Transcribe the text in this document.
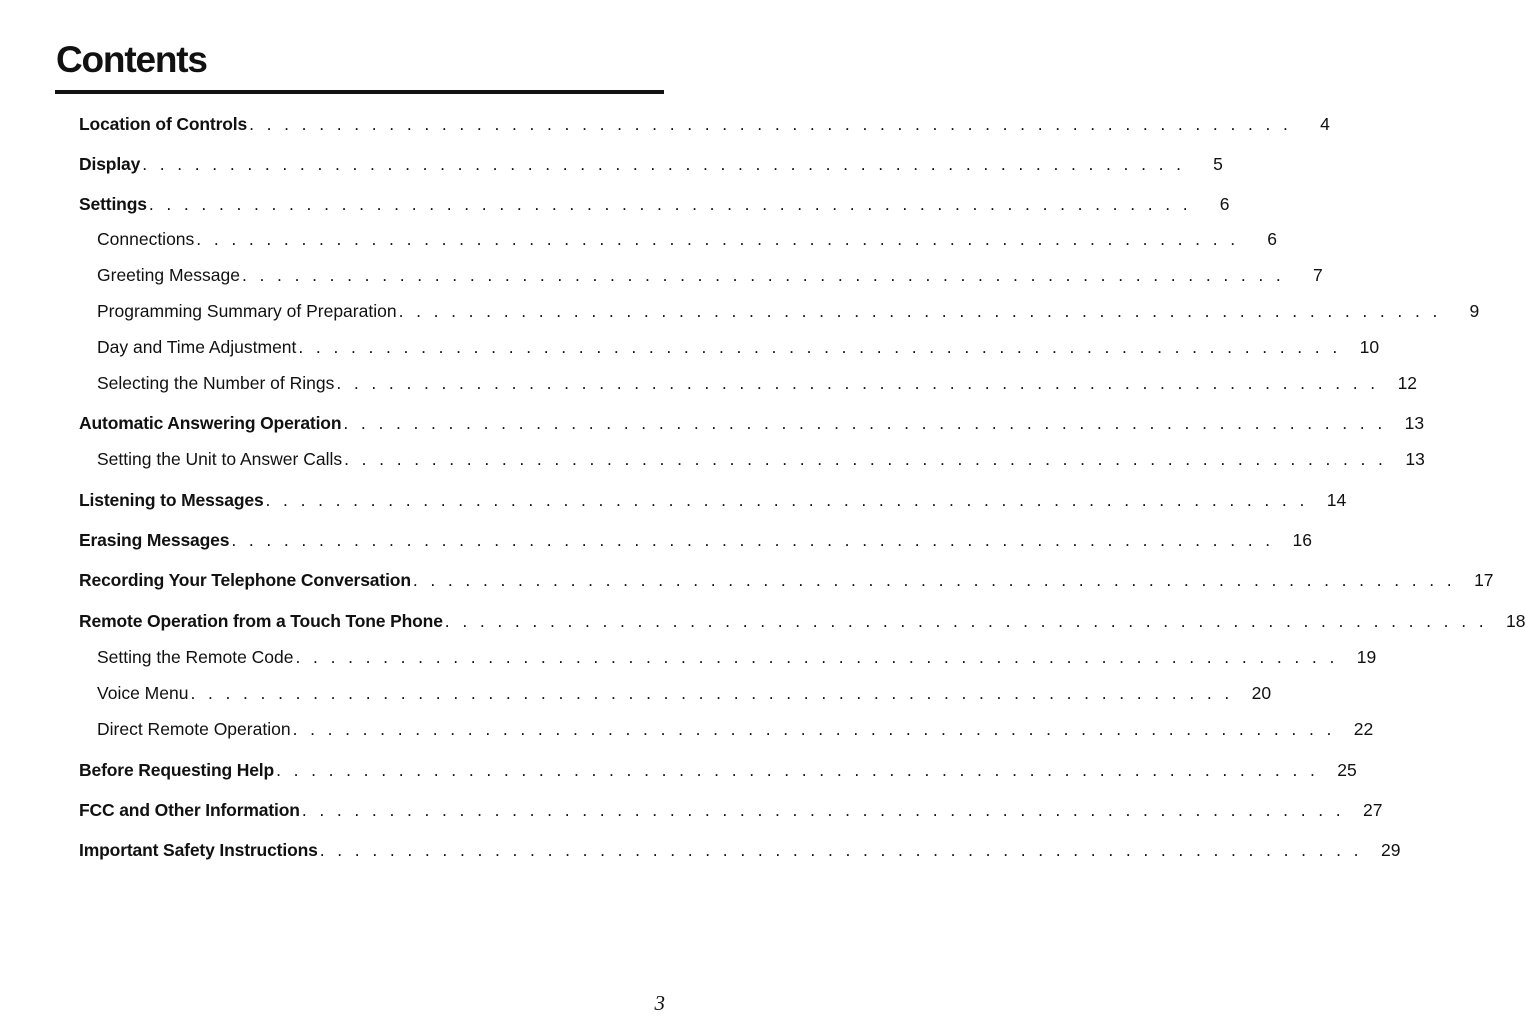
Contents
Location of Controls . . . . . . . . . . . . . . . . . . . . . . . . . . . . . . . . . . . . . . . . . . . . . . . . . . . . . . . . . . . .	4
Display . . . . . . . . . . . . . . . . . . . . . . . . . . . . . . . . . . . . . . . . . . . . . . . . . . . . . . . . . . . .	5
Settings . . . . . . . . . . . . . . . . . . . . . . . . . . . . . . . . . . . . . . . . . . . . . . . . . . . . . . . . . . . .	6
Connections . . . . . . . . . . . . . . . . . . . . . . . . . . . . . . . . . . . . . . . . . . . . . . . . . . . . . . . . . . . .	6
Greeting Message . . . . . . . . . . . . . . . . . . . . . . . . . . . . . . . . . . . . . . . . . . . . . . . . . . . . . . . . . . . .	7
Programming Summary of Preparation . . . . . . . . . . . . . . . . . . . . . . . . . . . . . . . . . . . . . . . . . . . . . . . . . . . . . . . . . . . .	9
Day and Time Adjustment . . . . . . . . . . . . . . . . . . . . . . . . . . . . . . . . . . . . . . . . . . . . . . . . . . . . . . . . . . . .	10
Selecting the Number of Rings . . . . . . . . . . . . . . . . . . . . . . . . . . . . . . . . . . . . . . . . . . . . . . . . . . . . . . . . . . . .	12
Automatic Answering Operation . . . . . . . . . . . . . . . . . . . . . . . . . . . . . . . . . . . . . . . . . . . . . . . . . . . . . . . . . . . .	13
Setting the Unit to Answer Calls . . . . . . . . . . . . . . . . . . . . . . . . . . . . . . . . . . . . . . . . . . . . . . . . . . . . . . . . . . . .	13
Listening to Messages . . . . . . . . . . . . . . . . . . . . . . . . . . . . . . . . . . . . . . . . . . . . . . . . . . . . . . . . . . . .	14
Erasing Messages . . . . . . . . . . . . . . . . . . . . . . . . . . . . . . . . . . . . . . . . . . . . . . . . . . . . . . . . . . . .	16
Recording Your Telephone Conversation . . . . . . . . . . . . . . . . . . . . . . . . . . . . . . . . . . . . . . . . . . . . . . . . . . . . . . . . . . . .	17
Remote Operation from a Touch Tone Phone . . . . . . . . . . . . . . . . . . . . . . . . . . . . . . . . . . . . . . . . . . . . . . . . . . . . . . . . . . . .	18
Setting the Remote Code . . . . . . . . . . . . . . . . . . . . . . . . . . . . . . . . . . . . . . . . . . . . . . . . . . . . . . . . . . . .	19
Voice Menu . . . . . . . . . . . . . . . . . . . . . . . . . . . . . . . . . . . . . . . . . . . . . . . . . . . . . . . . . . . .	20
Direct Remote Operation . . . . . . . . . . . . . . . . . . . . . . . . . . . . . . . . . . . . . . . . . . . . . . . . . . . . . . . . . . . .	22
Before Requesting Help . . . . . . . . . . . . . . . . . . . . . . . . . . . . . . . . . . . . . . . . . . . . . . . . . . . . . . . . . . . .	25
FCC and Other Information . . . . . . . . . . . . . . . . . . . . . . . . . . . . . . . . . . . . . . . . . . . . . . . . . . . . . . . . . . . .	27
Important Safety Instructions . . . . . . . . . . . . . . . . . . . . . . . . . . . . . . . . . . . . . . . . . . . . . . . . . . . . . . . . . . . .	29
3
